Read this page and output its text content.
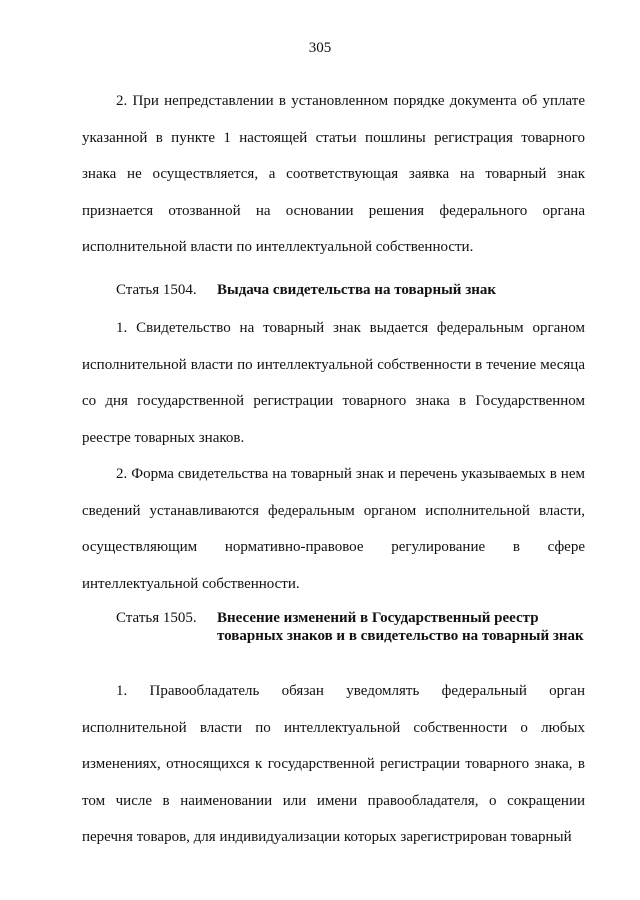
305

2. При непредставлении в установленном порядке документа об уплате указанной в пункте 1 настоящей статьи пошлины регистрация товарного знака не осуществляется, а соответствующая заявка на товарный знак признается отозванной на основании решения федерального органа исполнительной власти по интеллектуальной собственности.

Статья 1504.	Выдача свидетельства на товарный знак

1. Свидетельство на товарный знак выдается федеральным органом исполнительной власти по интеллектуальной собственности в течение месяца со дня государственной регистрации товарного знака в Государственном реестре товарных знаков.

2. Форма свидетельства на товарный знак и перечень указываемых в нем сведений устанавливаются федеральным органом исполнительной власти, осуществляющим нормативно-правовое регулирование в сфере интеллектуальной собственности.

Статья 1505.	Внесение изменений в Государственный реестр товарных знаков и в свидетельство на товарный знак

1. Правообладатель обязан уведомлять федеральный орган исполнительной власти по интеллектуальной собственности о любых изменениях, относящихся к государственной регистрации товарного знака, в том числе в наименовании или имени правообладателя, о сокращении перечня товаров, для индивидуализации которых зарегистрирован товарный
